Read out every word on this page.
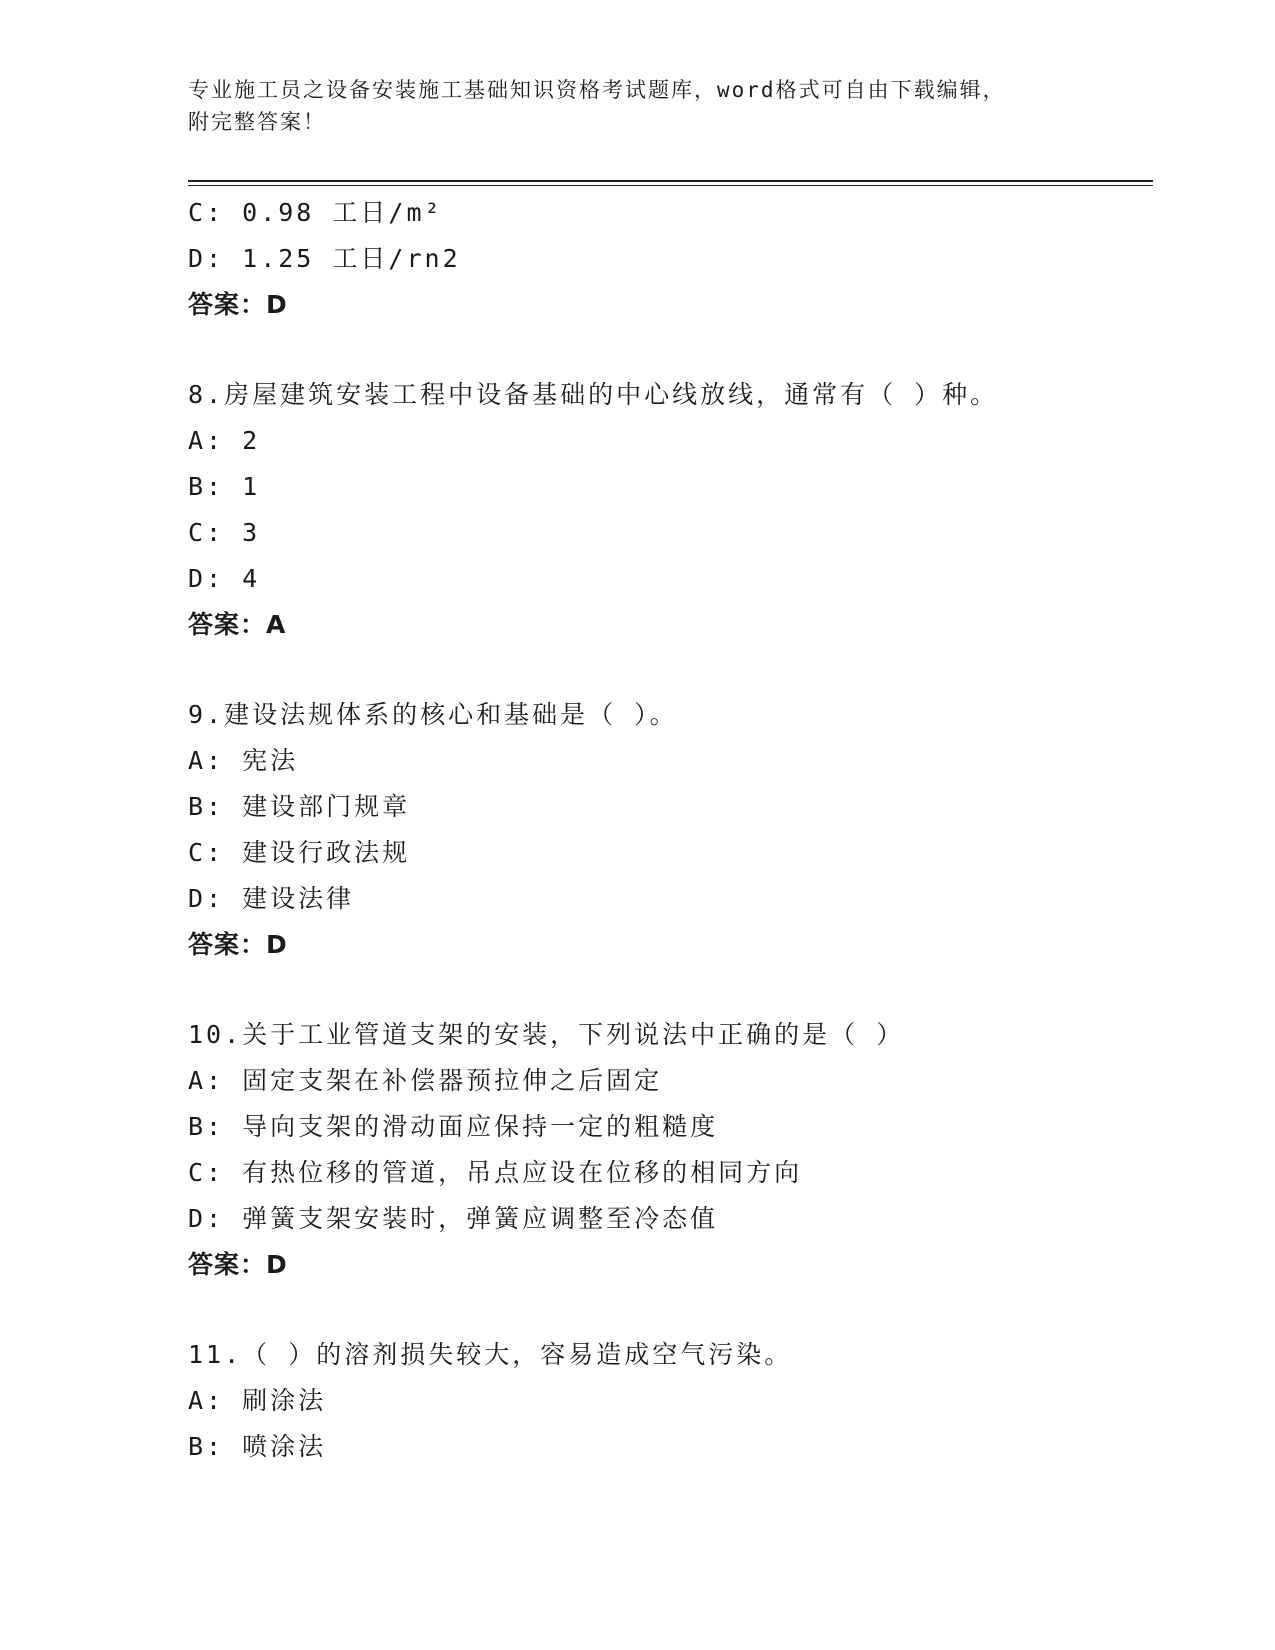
专业施工员之设备安装施工基础知识资格考试题库，word格式可自由下载编辑，
附完整答案！
C: 0.98 工日/m²
D: 1.25 工日/rn2
答案：D
8.房屋建筑安装工程中设备基础的中心线放线，通常有（ ）种。
A: 2
B: 1
C: 3
D: 4
答案：A
9.建设法规体系的核心和基础是（ ）。
A: 宪法
B: 建设部门规章
C: 建设行政法规
D: 建设法律
答案：D
10.关于工业管道支架的安装，下列说法中正确的是（ ）
A: 固定支架在补偿器预拉伸之后固定
B: 导向支架的滑动面应保持一定的粗糙度
C: 有热位移的管道，吊点应设在位移的相同方向
D: 弹簧支架安装时，弹簧应调整至冷态值
答案：D
11.（ ）的溶剂损失较大，容易造成空气污染。
A: 刷涂法
B: 喷涂法
